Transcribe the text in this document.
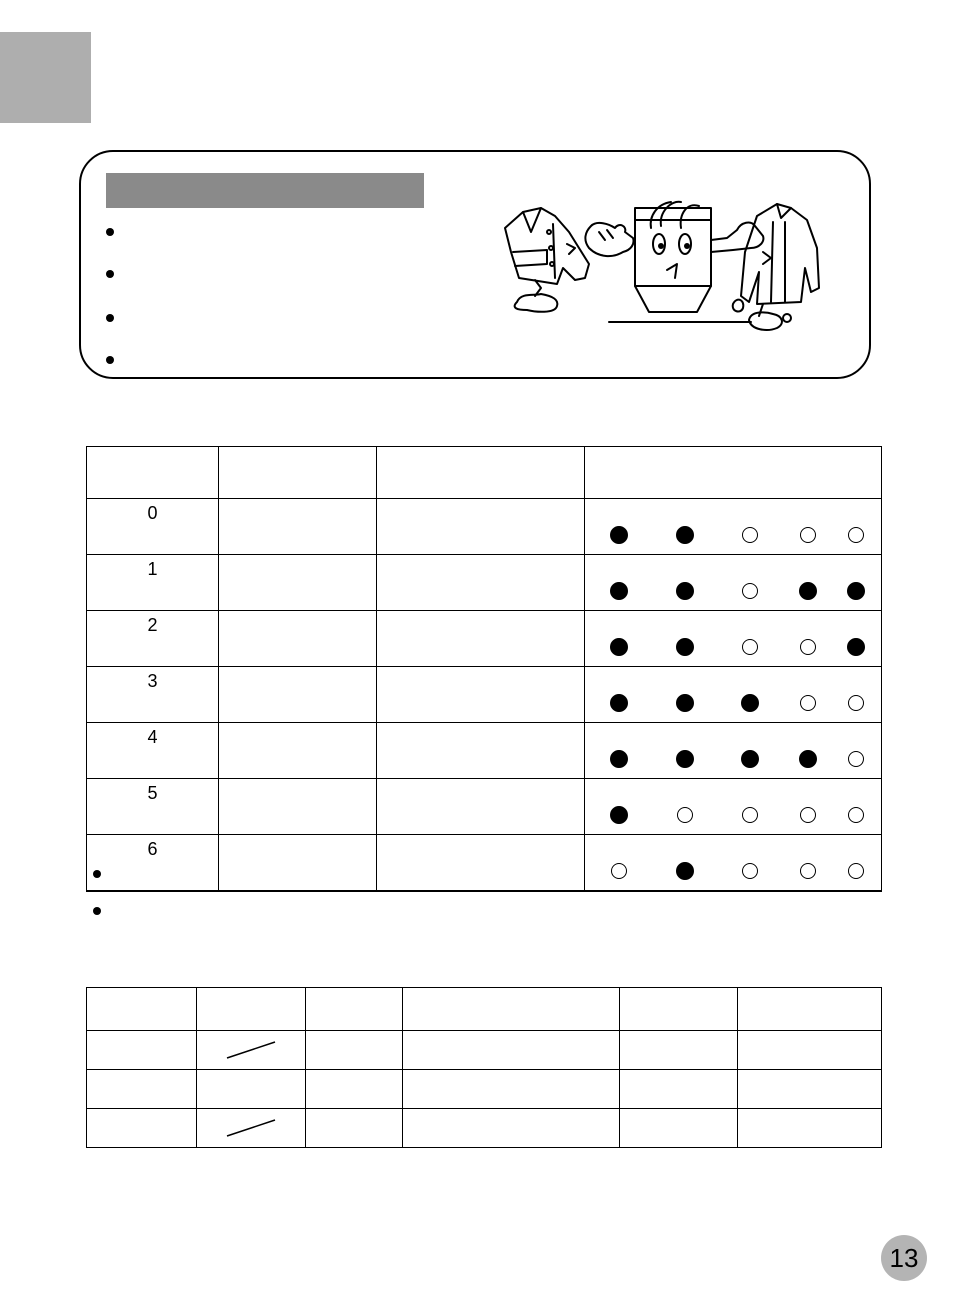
0			

1			

2			

3			

4			

5			

6			

13
